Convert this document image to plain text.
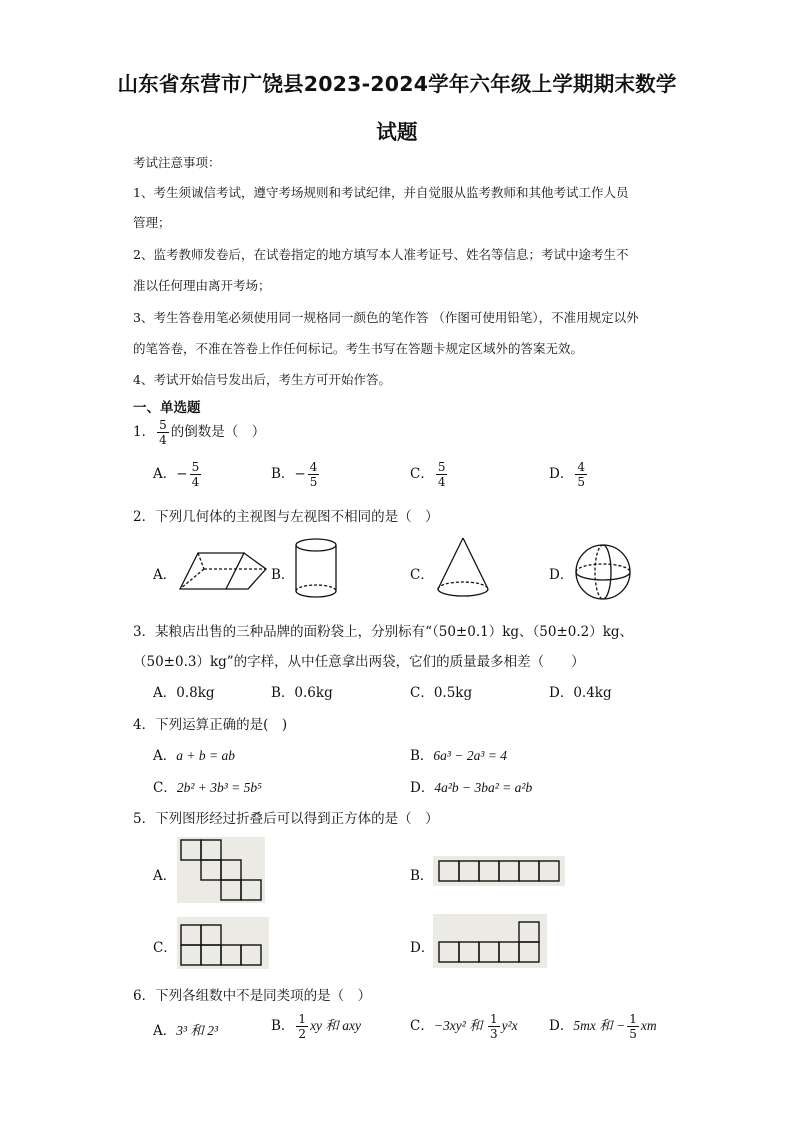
山东省东营市广饶县2023-2024学年六年级上学期期末数学
试题
考试注意事项：
1、考生须诚信考试，遵守考场规则和考试纪律，并自觉服从监考教师和其他考试工作人员
管理；
2、监考教师发卷后，在试卷指定的地方填写本人准考证号、姓名等信息；考试中途考生不
准以任何理由离开考场；
3、考生答卷用笔必须使用同一规格同一颜色的笔作答 （作图可使用铅笔），不准用规定以外
的笔答卷，不准在答卷上作任何标记。考生书写在答题卡规定区域外的答案无效。
4、考试开始信号发出后，考生方可开始作答。
一、单选题
1． $\frac{5}{4}$ 的倒数是（　）
A．− $\frac{5}{4}$	B．− $\frac{4}{5}$	C． $\frac{5}{4}$	D． $\frac{4}{5}$
2．下列几何体的主视图与左视图不相同的是（　）
A．	B．	C．	D．
3．某粮店出售的三种品牌的面粉袋上，分别标有“（50±0.1）kg、（50±0.2）kg、
（50±0.3）kg”的字样，从中任意拿出两袋，它们的质量最多相差（　　）
A．0.8kg	B．0.6kg	C．0.5kg	D．0.4kg
4．下列运算正确的是(　)
A．a + b = ab	B．6a³ − 2a³ = 4
C．2b² + 3b³ = 5b⁵	D．4a²b − 3ba² = a²b
5．下列图形经过折叠后可以得到正方体的是（　）
A．	B．
C．	D．
6．下列各组数中不是同类项的是（　）
A．3³ 和 2³	B． $\frac{1}{2}$ xy 和 axy	C．−3xy² 和 $\frac{1}{3} y^2x$ D．5mx 和 − $\frac{1}{5}$ xm
